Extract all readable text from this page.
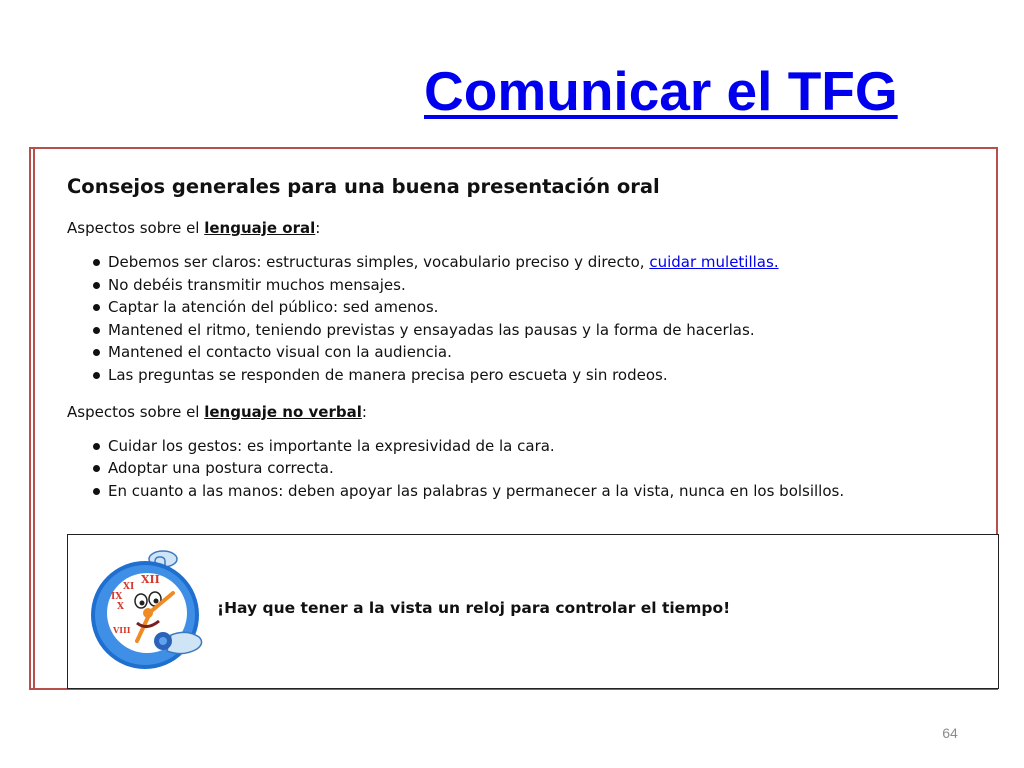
Comunicar el TFG
Consejos generales para una buena presentación oral

Aspectos sobre el lenguaje oral:

Debemos ser claros: estructuras simples, vocabulario preciso y directo, cuidar muletillas.
No debéis transmitir muchos mensajes.
Captar la atención del público: sed amenos.
Mantened el ritmo, teniendo previstas y ensayadas las pausas y la forma de hacerlas.
Mantened el contacto visual con la audiencia.
Las preguntas se responden de manera precisa pero escueta y sin rodeos.

Aspectos sobre el lenguaje no verbal:

Cuidar los gestos: es importante la expresividad de la cara.
Adoptar una postura correcta.
En cuanto a las manos: deben apoyar las palabras y permanecer a la vista, nunca en los bolsillos.
XII
IX
X
XI
VIII
¡Hay que tener a la vista un reloj para controlar el tiempo!
64
